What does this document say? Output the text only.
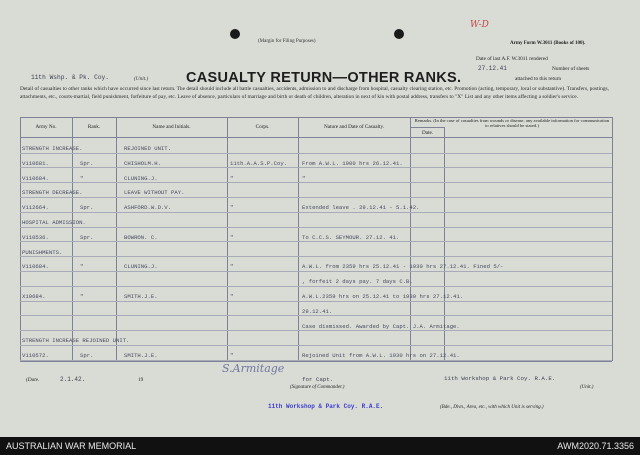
W-D
(Margin for Filing Purposes)	Army Form W.3011 (Books of 100).
Date of last A.F. W.3011 rendered
27.12.41	Number of sheets
attached to this return
11th Wshp. & Pk. Coy.	(Unit.)	CASUALTY RETURN—OTHER RANKS.
Detail of casualties to other ranks which have occurred since last return. The detail should include all battle casualties, accidents, admission to and discharge from hospital, casualty clearing station, etc. Promotion (acting, temporary, local or substantive). Transfers, postings, attachments, etc., courts-martial, field punishment, forfeiture of pay, etc. Leave of absence, particulars of marriage and birth or death of children, alteration in next of kin with postal address, transfers to "X" List and any other items affecting a soldier's service.
Army No.	Rank.	Name and Initials.	Corps.	Nature and Date of Casualty.
Date.
Remarks. (In the case of casualties from wounds or disease, any available information for communication to relatives should be stated.)
STRENGTH INCREASE.	REJOINED UNIT.
V110681.	Spr.	CHISHOLM.H.	11th.A.A.S.P.Coy.	From A.W.L. 1900 hrs 26.12.41.
V110684.	"	CLUNING.J.	"	"
STRENGTH DECREASE.	LEAVE WITHOUT PAY.
V112664.	Spr.	ASHFORD.W.D.V.	"	Extended leave . 29.12.41 - 5.1.42.
HOSPITAL ADMISSION.
V110536.	Spr.	BOWRON. C.	"	To C.C.S. SEYMOUR. 27.12. 41.
PUNISHMENTS.
V110684.	"	CLUNING.J.	"	A.W.L. from 2359 hrs 25.12.41 - 1930 hrs 27.12.41. Fined 5/-
, forfeit 2 days pay. 7 days C.B.
X10684.	"	SMITH.J.E.	"	A.W.L.2359 hrs on 25.12.41 to 1930 hrs 27.12.41.
29.12.41.
Case dismissed. Awarded by Capt. J.A. Armitage.
STRENGTH INCREASE REJOINED UNIT.
V110572.	Spr.	SMITH.J.E.	"	Rejoined Unit from A.W.L. 1930 hrs on 27.12.41.
(Date.	2.1.42.	19
S.Armitage
for Capt.
(Signature of Commander.)
11th Workshop & Park Coy. R.A.E.
(Unit.)
11th Workshop & Park Coy. R.A.E.	(Bde., Divn., Area, etc., with which Unit is serving.)
AUSTRALIAN WAR MEMORIAL	AWM2020.71.3356
